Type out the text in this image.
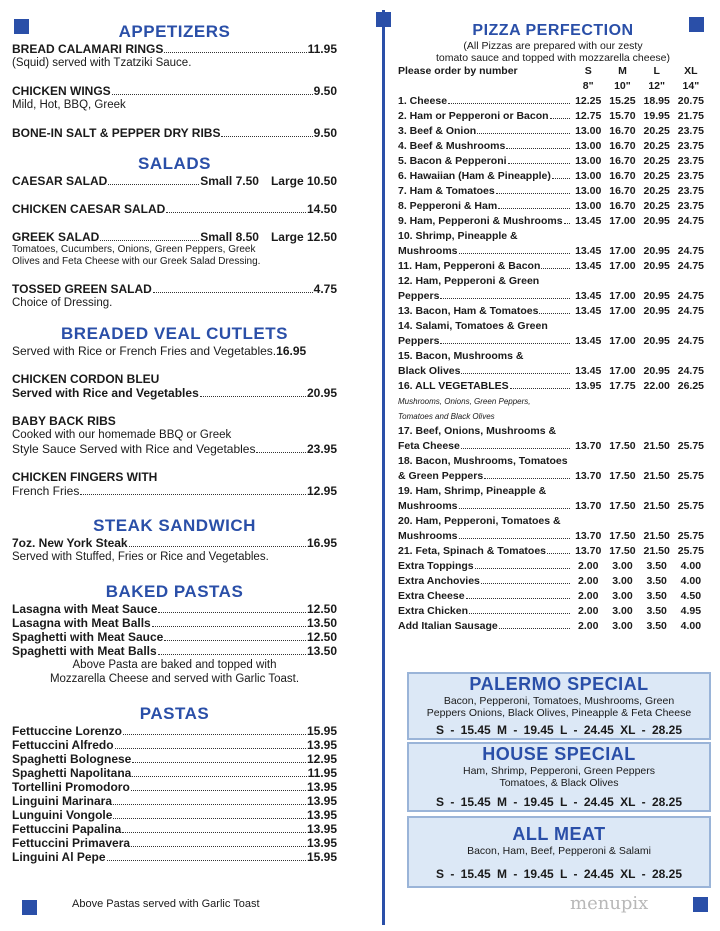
APPETIZERS
BREAD CALAMARI RINGS	11.95
(Squid) served with Tzatziki Sauce.
CHICKEN WINGS	9.50
Mild, Hot, BBQ, Greek
BONE-IN SALT & PEPPER DRY RIBS	9.50
SALADS
CAESAR SALAD	Small 7.50 Large 10.50
CHICKEN CAESAR SALAD	14.50
GREEK SALAD	Small 8.50 Large 12.50
Tomatoes, Cucumbers, Onions, Green Peppers, Greek
Olives and Feta Cheese with our Greek Salad Dressing.
TOSSED GREEN SALAD	4.75
Choice of Dressing.
BREADED VEAL CUTLETS
Served with Rice or French Fries and Vegetables. 16.95
CHICKEN CORDON BLEU
Served with Rice and Vegetables	20.95
BABY BACK RIBS
Cooked with our homemade BBQ or Greek
Style Sauce Served with Rice and Vegetables	23.95
CHICKEN FINGERS WITH
French Fries	12.95
STEAK SANDWICH
7oz. New York Steak	16.95
Served with Stuffed, Fries or Rice and Vegetables.
BAKED PASTAS
Lasagna with Meat Sauce	12.50
Lasagna with Meat Balls	13.50
Spaghetti with Meat Sauce	12.50
Spaghetti with Meat Balls	13.50
Above Pasta are baked and topped with
Mozzarella Cheese and served with Garlic Toast.
PASTAS
Fettuccine Lorenzo	15.95
Fettuccini Alfredo	13.95
Spaghetti Bolognese	12.95
Spaghetti Napolitana	11.95
Tortellini Promodoro	13.95
Linguini Marinara	13.95
Lunguini Vongole	13.95
Fettuccini Papalina	13.95
Fettuccini Primavera	13.95
Linguini Al Pepe	15.95
Above Pastas served with Garlic Toast
PIZZA PERFECTION
(All Pizzas are prepared with our zesty
tomato sauce and topped with mozzarella cheese)
Please order by number	S	M	L	XL
	8"	10"	12"	14"

1. Cheese	12.25	15.25	18.95	20.75

2. Ham or Pepperoni or Bacon	12.75	15.70	19.95	21.75

3. Beef & Onion	13.00	16.70	20.25	23.75

4. Beef & Mushrooms	13.00	16.70	20.25	23.75

5. Bacon & Pepperoni	13.00	16.70	20.25	23.75

6. Hawaiian (Ham & Pineapple)	13.00	16.70	20.25	23.75

7. Ham & Tomatoes	13.00	16.70	20.25	23.75

8. Pepperoni & Ham	13.00	16.70	20.25	23.75

9. Ham, Pepperoni & Mushrooms	13.45	17.00	20.95	24.75
10. Shrimp, Pineapple &				

Mushrooms	13.45	17.00	20.95	24.75

11. Ham, Pepperoni & Bacon	13.45	17.00	20.95	24.75
12. Ham, Pepperoni & Green				

Peppers	13.45	17.00	20.95	24.75

13. Bacon, Ham & Tomatoes	13.45	17.00	20.95	24.75
14. Salami, Tomatoes & Green				

Peppers	13.45	17.00	20.95	24.75
15. Bacon, Mushrooms &				

Black Olives	13.45	17.00	20.95	24.75

16. ALL VEGETABLES	13.95	17.75	22.00	26.25
Mushrooms, Onions, Green Peppers,				
Tomatoes and Black Olives				
17. Beef, Onions, Mushrooms &				

Feta Cheese	13.70	17.50	21.50	25.75
18. Bacon, Mushrooms, Tomatoes				

& Green Peppers	13.70	17.50	21.50	25.75
19. Ham, Shrimp, Pineapple &				

Mushrooms	13.70	17.50	21.50	25.75
20. Ham, Pepperoni, Tomatoes &				

Mushrooms	13.70	17.50	21.50	25.75

21. Feta, Spinach & Tomatoes	13.70	17.50	21.50	25.75

Extra Toppings	2.00	3.00	3.50	4.00

Extra Anchovies	2.00	3.00	3.50	4.00

Extra Cheese	2.00	3.00	3.50	4.50

Extra Chicken	2.00	3.00	3.50	4.95

Add Italian Sausage	2.00	3.00	3.50	4.00
PALERMO SPECIAL
Bacon, Pepperoni, Tomatoes, Mushrooms, Green
Peppers Onions, Black Olives, Pineapple & Feta Cheese
S - 15.45 M - 19.45 L - 24.45 XL - 28.25
HOUSE SPECIAL
Ham, Shrimp, Pepperoni, Green Peppers
Tomatoes, & Black Olives
S - 15.45 M - 19.45 L - 24.45 XL - 28.25
ALL MEAT
Bacon, Ham, Beef, Pepperoni & Salami
S - 15.45 M - 19.45 L - 24.45 XL - 28.25
menupix
